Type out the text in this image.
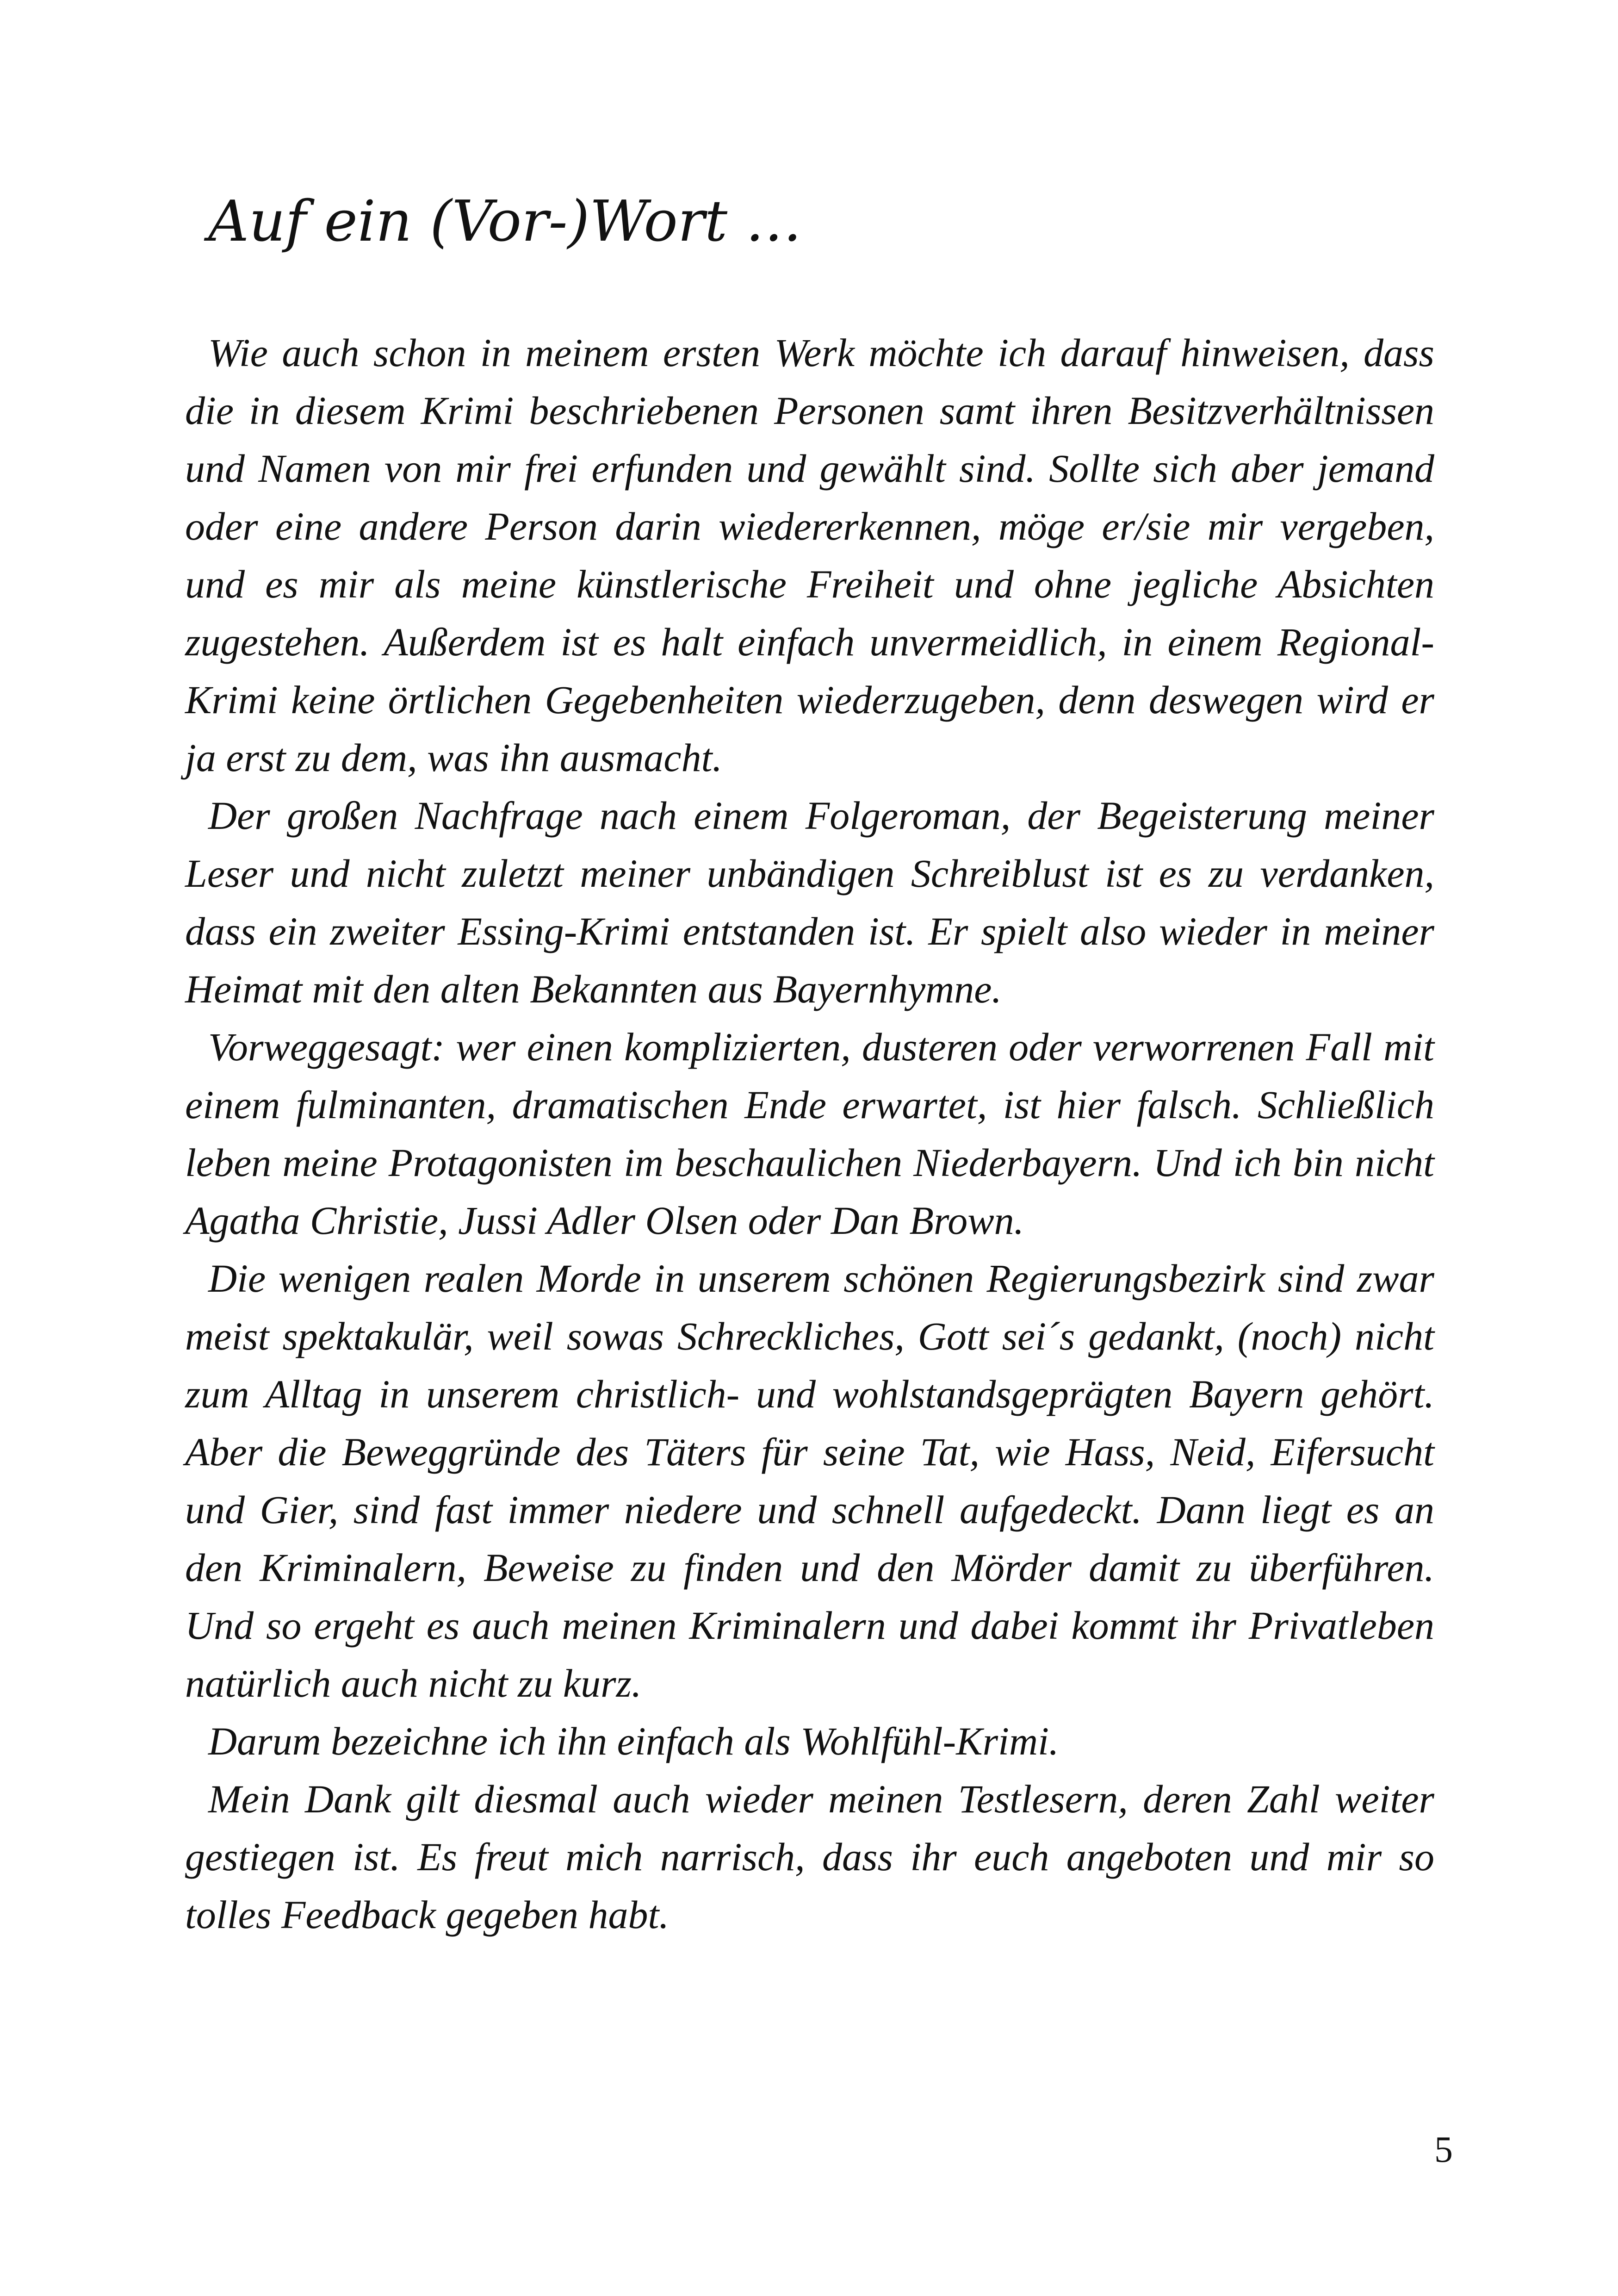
Auf ein (Vor-)Wort …

Wie auch schon in meinem ersten Werk möchte ich darauf hinweisen, dass die in diesem Krimi beschriebenen Personen samt ihren Besitzverhältnissen und Namen von mir frei erfunden und gewählt sind. Sollte sich aber jemand oder eine andere Person darin wiedererkennen, möge er/sie mir vergeben, und es mir als meine künstlerische Freiheit und ohne jegliche Absichten zugestehen. Außerdem ist es halt einfach unvermeidlich, in einem Regional-Krimi keine örtlichen Gegebenheiten wiederzugeben, denn deswegen wird er ja erst zu dem, was ihn ausmacht.

Der großen Nachfrage nach einem Folgeroman, der Begeisterung meiner Leser und nicht zuletzt meiner unbändigen Schreiblust ist es zu verdanken, dass ein zweiter Essing-Krimi entstanden ist. Er spielt also wieder in meiner Heimat mit den alten Bekannten aus Bayernhymne.

Vorweggesagt: wer einen komplizierten, dusteren oder verworrenen Fall mit einem fulminanten, dramatischen Ende erwartet, ist hier falsch. Schließlich leben meine Protagonisten im beschaulichen Niederbayern. Und ich bin nicht Agatha Christie, Jussi Adler Olsen oder Dan Brown.

Die wenigen realen Morde in unserem schönen Regierungsbezirk sind zwar meist spektakulär, weil sowas Schreckliches, Gott sei´s gedankt, (noch) nicht zum Alltag in unserem christlich- und wohlstandsgeprägten Bayern gehört. Aber die Beweggründe des Täters für seine Tat, wie Hass, Neid, Eifersucht und Gier, sind fast immer niedere und schnell aufgedeckt. Dann liegt es an den Kriminalern, Beweise zu finden und den Mörder damit zu überführen. Und so ergeht es auch meinen Kriminalern und dabei kommt ihr Privatleben natürlich auch nicht zu kurz.

Darum bezeichne ich ihn einfach als Wohlfühl-Krimi.

Mein Dank gilt diesmal auch wieder meinen Testlesern, deren Zahl weiter gestiegen ist. Es freut mich narrisch, dass ihr euch angeboten und mir so tolles Feedback gegeben habt.

5
